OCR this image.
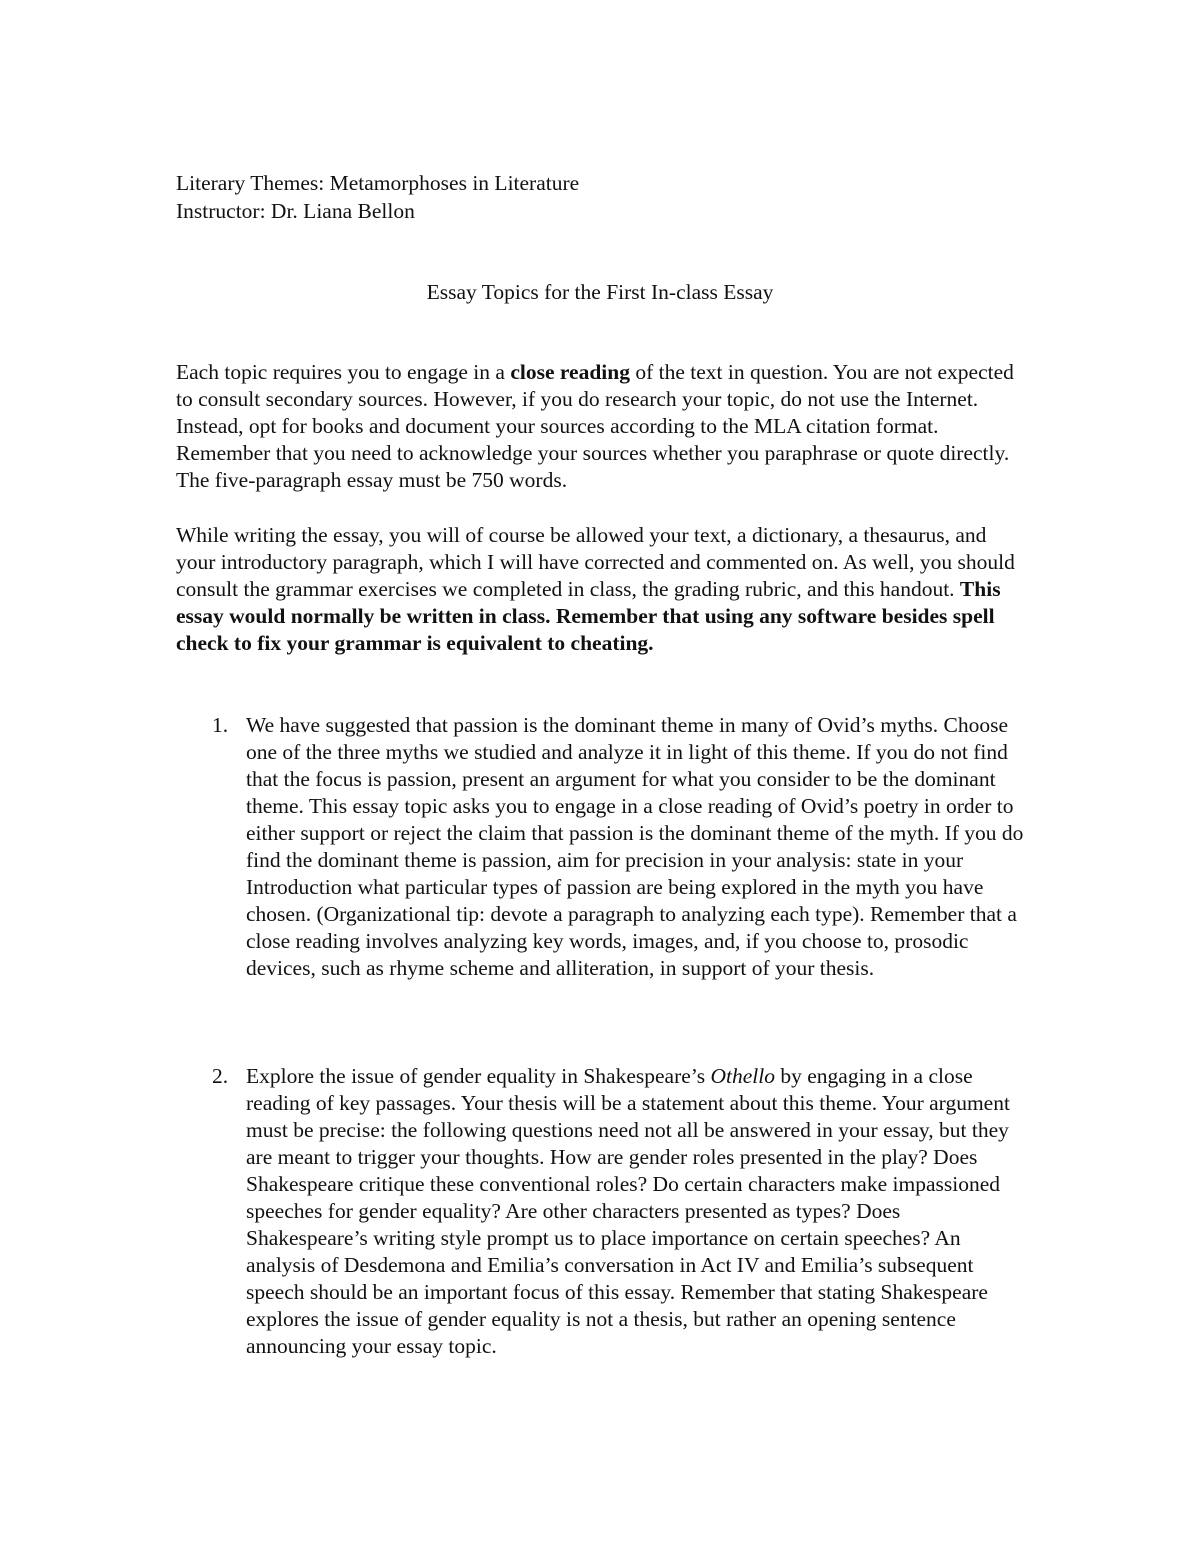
Literary Themes: Metamorphoses in Literature
Instructor: Dr. Liana Bellon
Essay Topics for the First In-class Essay

Each topic requires you to engage in a close reading of the text in question. You are not expected to consult secondary sources. However, if you do research your topic, do not use the Internet. Instead, opt for books and document your sources according to the MLA citation format. Remember that you need to acknowledge your sources whether you paraphrase or quote directly. The five-paragraph essay must be 750 words.

While writing the essay, you will of course be allowed your text, a dictionary, a thesaurus, and your introductory paragraph, which I will have corrected and commented on. As well, you should consult the grammar exercises we completed in class, the grading rubric, and this handout. This essay would normally be written in class. Remember that using any software besides spell check to fix your grammar is equivalent to cheating.

1. We have suggested that passion is the dominant theme in many of Ovid’s myths. Choose one of the three myths we studied and analyze it in light of this theme. If you do not find that the focus is passion, present an argument for what you consider to be the dominant theme. This essay topic asks you to engage in a close reading of Ovid’s poetry in order to either support or reject the claim that passion is the dominant theme of the myth. If you do find the dominant theme is passion, aim for precision in your analysis: state in your Introduction what particular types of passion are being explored in the myth you have chosen. (Organizational tip: devote a paragraph to analyzing each type). Remember that a close reading involves analyzing key words, images, and, if you choose to, prosodic devices, such as rhyme scheme and alliteration, in support of your thesis.
2. Explore the issue of gender equality in Shakespeare’s Othello by engaging in a close reading of key passages. Your thesis will be a statement about this theme. Your argument must be precise: the following questions need not all be answered in your essay, but they are meant to trigger your thoughts. How are gender roles presented in the play? Does Shakespeare critique these conventional roles? Do certain characters make impassioned speeches for gender equality? Are other characters presented as types? Does Shakespeare’s writing style prompt us to place importance on certain speeches? An analysis of Desdemona and Emilia’s conversation in Act IV and Emilia’s subsequent speech should be an important focus of this essay. Remember that stating Shakespeare explores the issue of gender equality is not a thesis, but rather an opening sentence announcing your essay topic.
